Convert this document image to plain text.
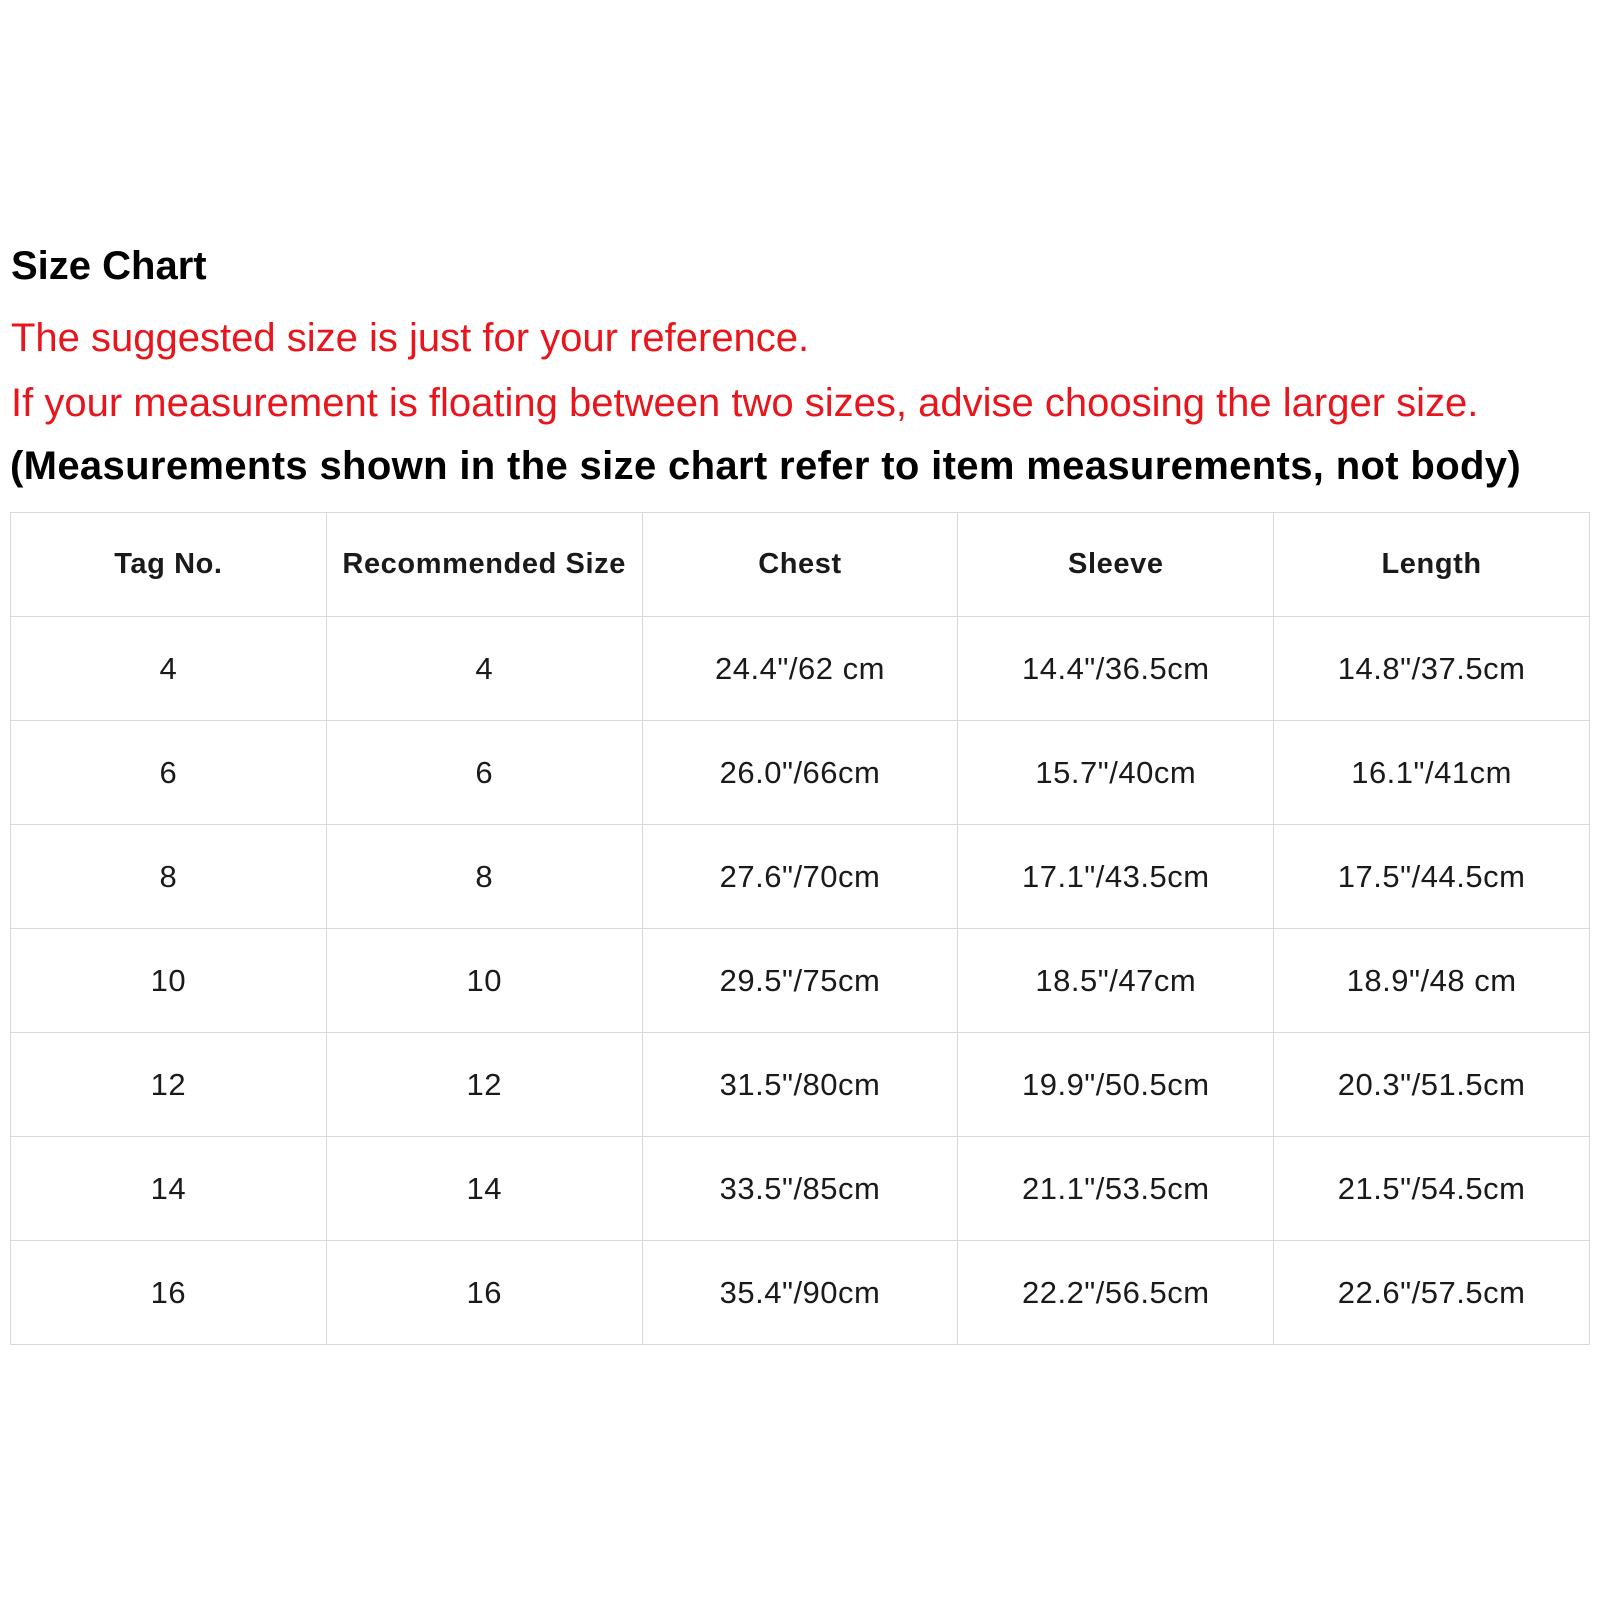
Size Chart
The suggested size is just for your reference.
If your measurement is floating between two sizes, advise choosing the larger size.
(Measurements shown in the size chart refer to item measurements, not body)
Tag No.	Recommended Size	Chest	Sleeve	Length
4	4	24.4"/62 cm	14.4"/36.5cm	14.8"/37.5cm
6	6	26.0"/66cm	15.7"/40cm	16.1"/41cm
8	8	27.6"/70cm	17.1"/43.5cm	17.5"/44.5cm
10	10	29.5"/75cm	18.5"/47cm	18.9"/48 cm
12	12	31.5"/80cm	19.9"/50.5cm	20.3"/51.5cm
14	14	33.5"/85cm	21.1"/53.5cm	21.5"/54.5cm
16	16	35.4"/90cm	22.2"/56.5cm	22.6"/57.5cm
